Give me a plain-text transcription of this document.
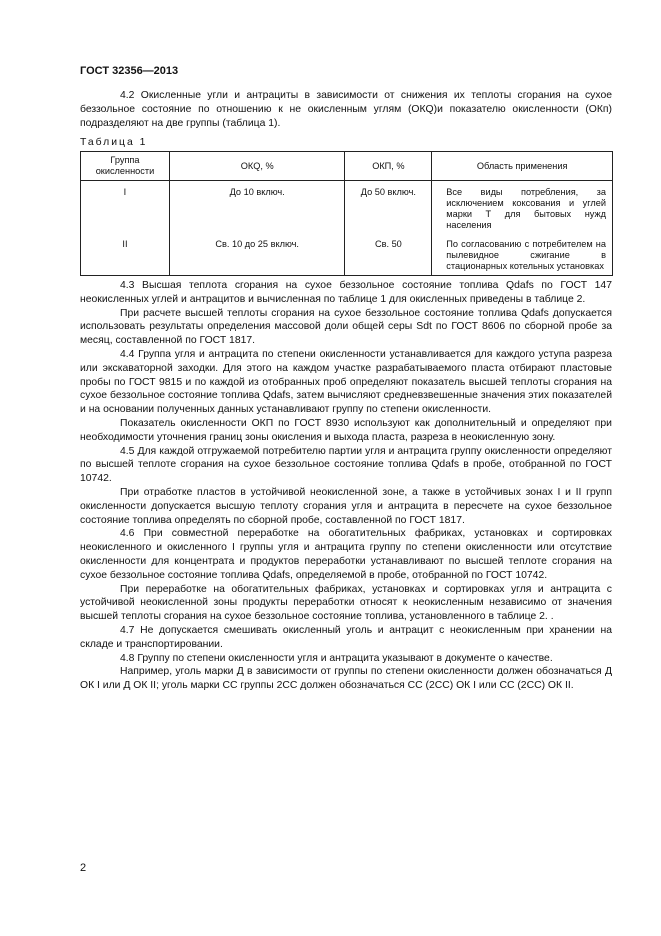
ГОСТ 32356—2013

4.2 Окисленные угли и антрациты в зависимости от снижения их теплоты сгорания на сухое беззольное состояние по отношению к не окисленным углям (ОКQ)и показателю окисленности (ОКп) подразделяют на две группы (таблица 1).

Таблица 1
Группа окисленности	ОКQ, %	ОКП, %	Область применения
I	До 10 включ.	До 50 включ.	Все виды потребления, за исключением коксования и углей марки Т для бытовых нужд населения
II	Св. 10 до 25 включ.	Св. 50	По согласованию с потребителем на пылевидное сжигание в стационарных котельных установках

4.3 Высшая теплота сгорания на сухое беззольное состояние топлива Qdafs по ГОСТ 147 неокисленных углей и антрацитов и вычисленная по таблице 1 для окисленных приведены в таблице 2.

При расчете высшей теплоты сгорания на сухое беззольное состояние топлива Qdafs допускается использовать результаты определения массовой доли общей серы Sdt по ГОСТ 8606 по сборной пробе за месяц, составленной по ГОСТ 1817.

4.4 Группа угля и антрацита по степени окисленности устанавливается для каждого уступа разреза или экскаваторной заходки. Для этого на каждом участке разрабатываемого пласта отбирают пластовые пробы по ГОСТ 9815 и по каждой из отобранных проб определяют показатель высшей теплоты сгорания на сухое беззольное состояние топлива Qdafs, затем вычисляют средневзвешенные значения этих показателей и на основании полученных данных устанавливают группу по степени окисленности.

Показатель окисленности ОКП по ГОСТ 8930 используют как дополнительный и определяют при необходимости уточнения границ зоны окисления и выхода пласта, разреза в неокисленную зону.

4.5 Для каждой отгружаемой потребителю партии угля и антрацита группу окисленности определяют по высшей теплоте сгорания на сухое беззольное состояние топлива Qdafs в пробе, отобранной по ГОСТ 10742.

При отработке пластов в устойчивой неокисленной зоне, а также в устойчивых зонах I и II групп окисленности допускается высшую теплоту сгорания угля и антрацита в пересчете на сухое беззольное состояние топлива определять по сборной пробе, составленной по ГОСТ 1817.

4.6 При совместной переработке на обогатительных фабриках, установках и сортировках неокисленного и окисленного I группы угля и антрацита группу по степени окисленности или отсутствие окисленности для концентрата и продуктов переработки устанавливают по высшей теплоте сгорания на сухое беззольное состояние топлива Qdafs, определяемой в пробе, отобранной по ГОСТ 10742.

При переработке на обогатительных фабриках, установках и сортировках угля и антрацита с устойчивой неокисленной зоны продукты переработки относят к неокисленным независимо от значения высшей теплоты сгорания на сухое беззольное состояние топлива, установленного в таблице 2. .

4.7 Не допускается смешивать окисленный уголь и антрацит с неокисленным при хранении на складе и транспортировании.

4.8 Группу по степени окисленности угля и антрацита указывают в документе о качестве.

Например, уголь марки Д в зависимости от группы по степени окисленности должен обозначаться Д ОК I или Д ОК II; уголь марки СС группы 2СС должен обозначаться СС (2СС) ОК I или СС (2СС) ОК II.

2
